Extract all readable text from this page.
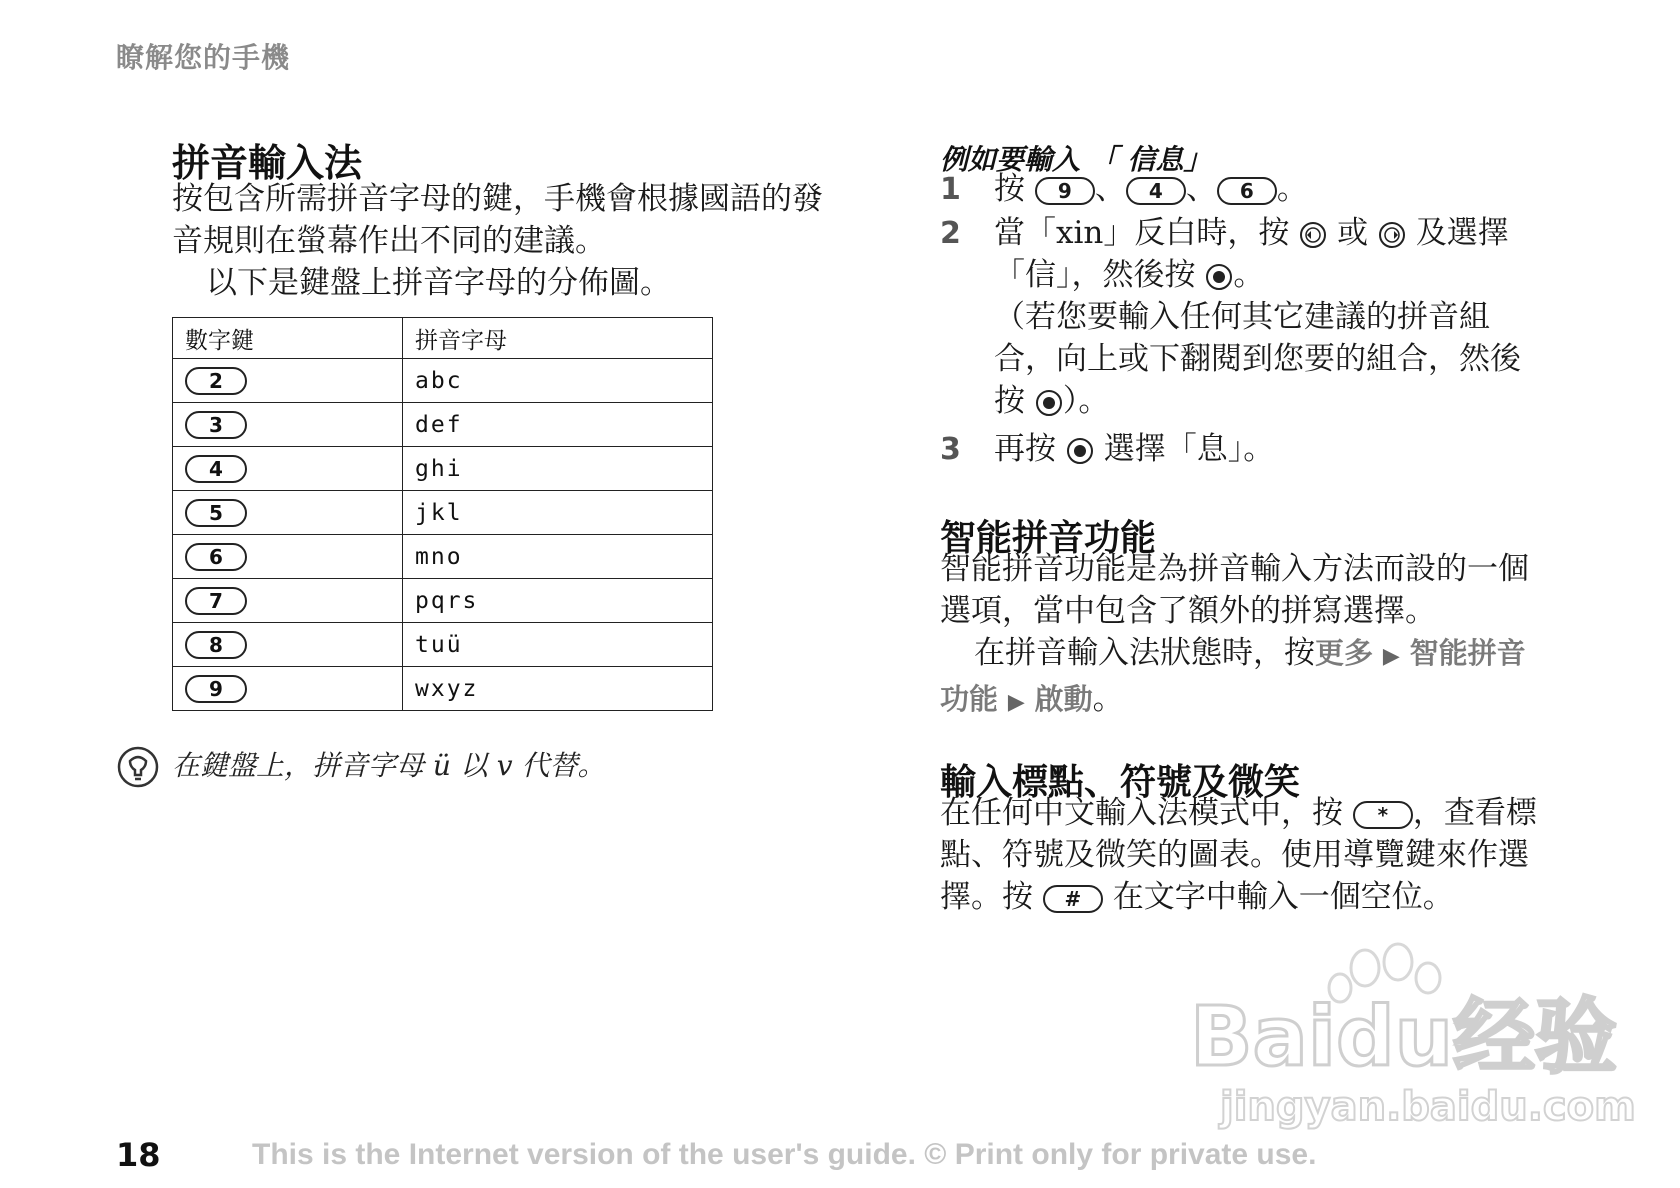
瞭解您的手機
拼音輸入法
按包含所需拼音字母的鍵，手機會根據國語的發音規則在螢幕作出不同的建議。
以下是鍵盤上拼音字母的分佈圖。
數字鍵	拼音字母
2	abc
3	def
4	ghi
5	jkl
6	mno
7	pqrs
8	tuü
9	wxyz
在鍵盤上，拼音字母 ü 以 v 代替。
例如要輸入 「 信息」
1 按 9 、 4 、 6 。
2 當「xin」反白時，按 或 及選擇
「信」，然後按 。
（若您要輸入任何其它建議的拼音組
合，向上或下翻閱到您要的組合，然後
按 ）。
3 再按 選擇「息」。
智能拼音功能
智能拼音功能是為拼音輸入方法而設的一個
選項，當中包含了額外的拼寫選擇。
在拼音輸入法狀態時，按更多 ▶ 智能拼音
功能 ▶ 啟動。
輸入標點、符號及微笑
在任何中文輸入法模式中，按 * ，查看標
點、符號及微笑的圖表。使用導覽鍵來作選
擇。按 # 在文字中輸入一個空位。
Baidu经验
jingyan.baidu.com
18	This is the Internet version of the user's guide. © Print only for private use.
